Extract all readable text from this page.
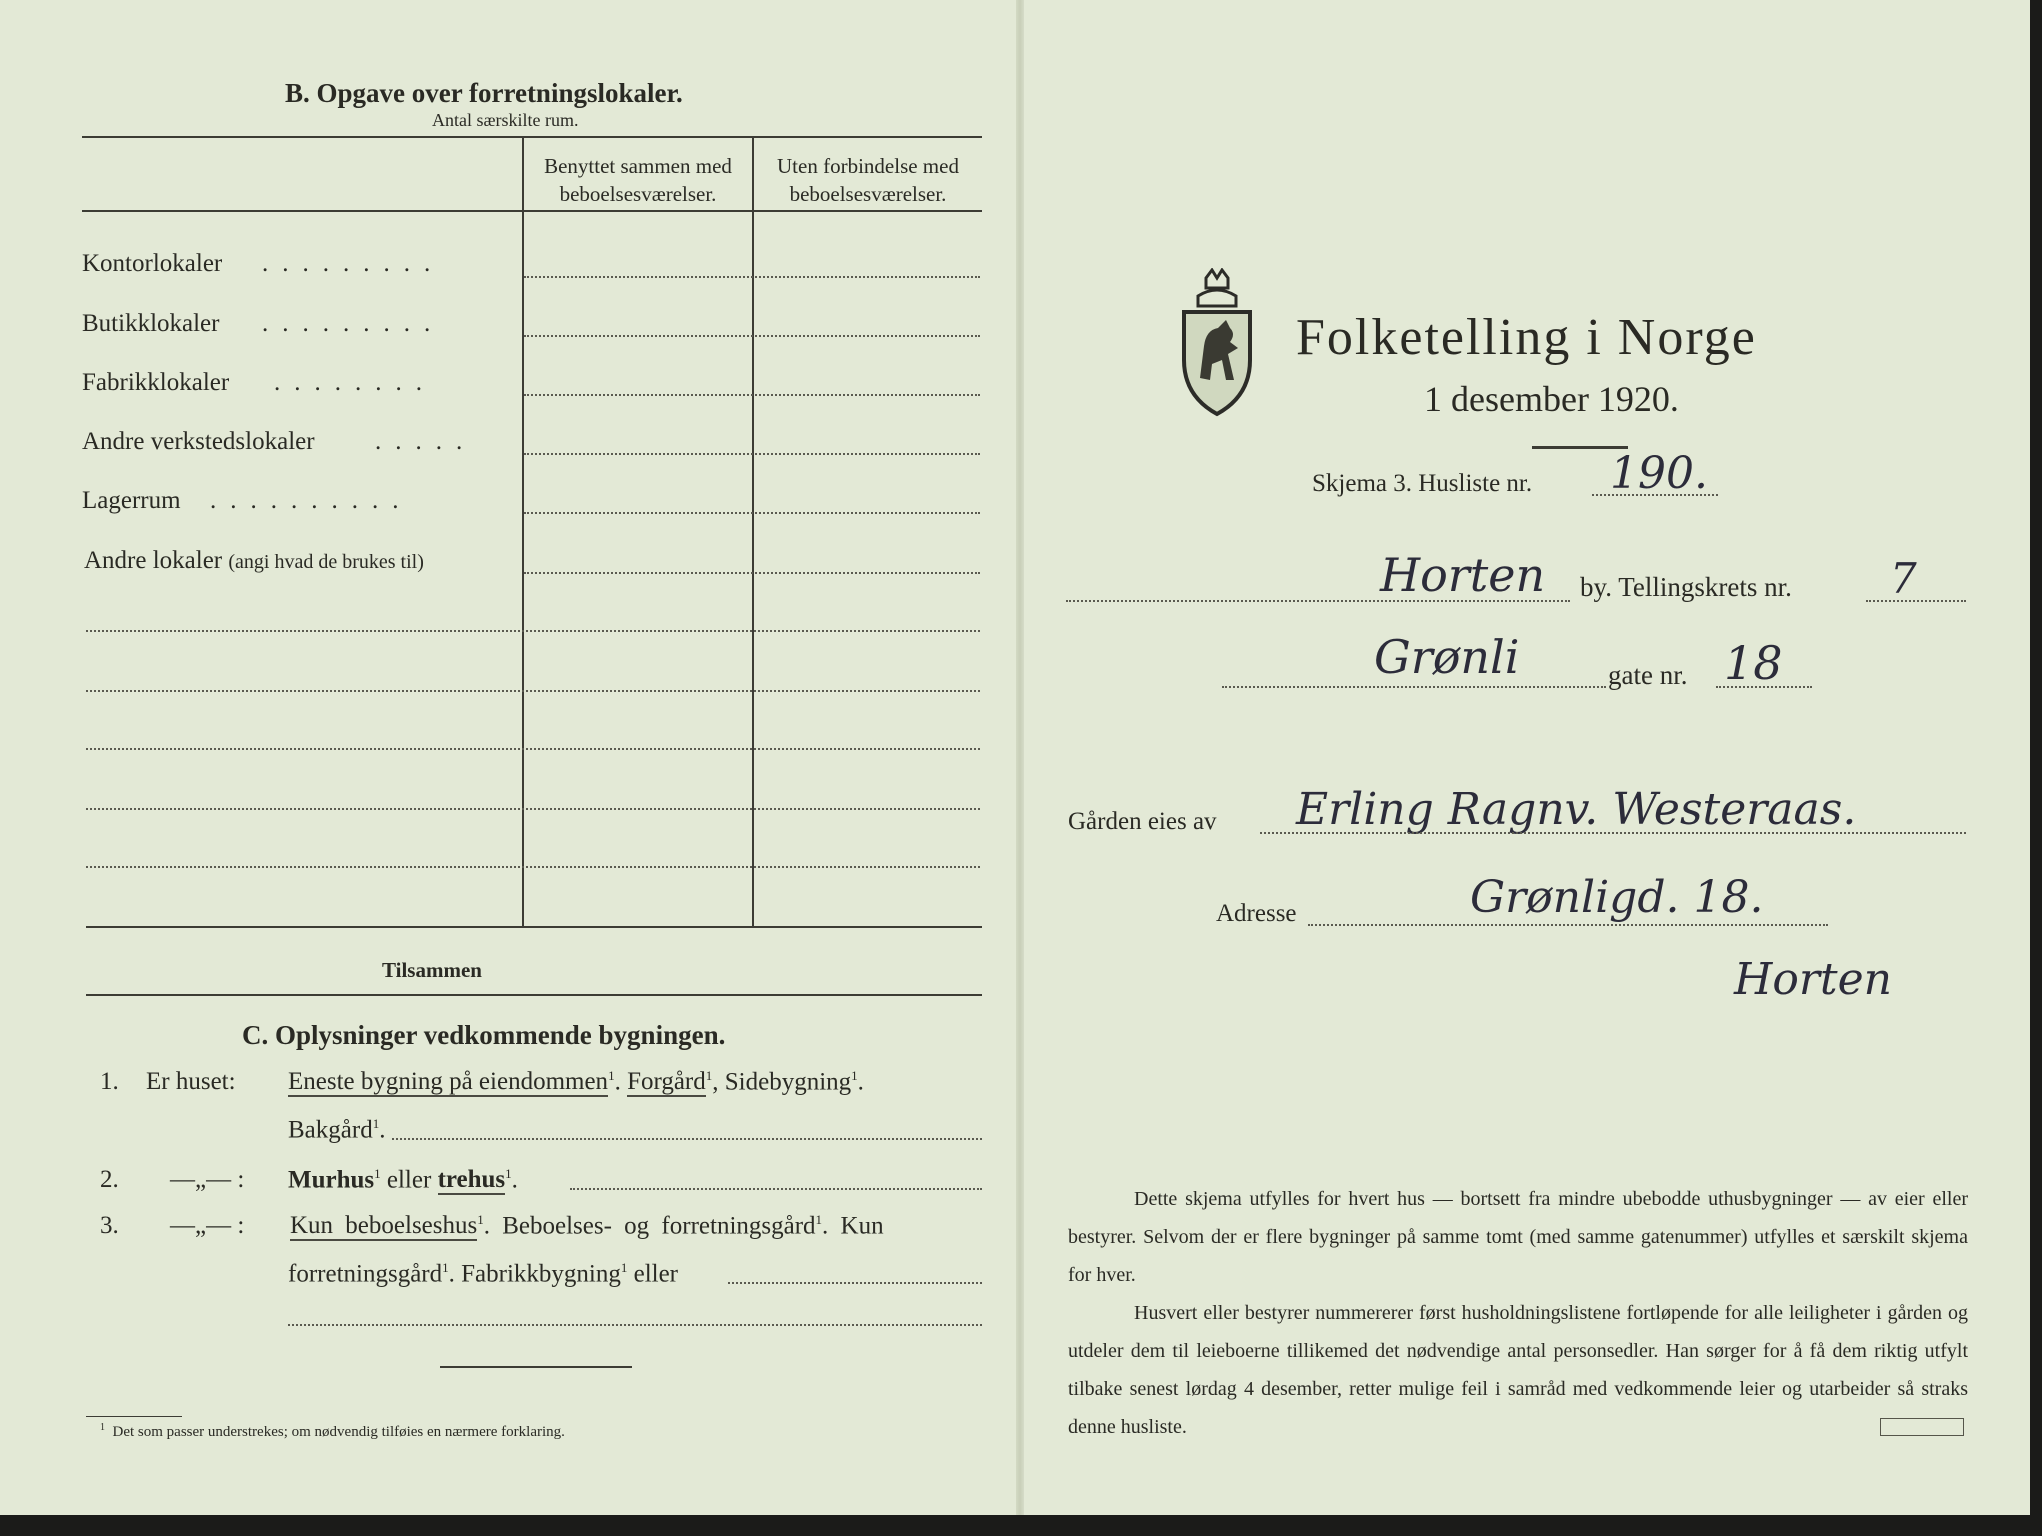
B. Opgave over forretningslokaler.
Antal særskilte rum.
Benyttet sammen med
beboelsesværelser.
Uten forbindelse med
beboelsesværelser.
Kontorlokaler
Butikklokaler
Fabrikklokaler
Andre verkstedslokaler
Lagerrum
Andre lokaler (angi hvad de brukes til)
.........
.........
........
.....
..........
Tilsammen
C. Oplysninger vedkommende bygningen.
1. Er huset: Eneste bygning på eiendommen$^1$. Forgård$^1$, Sidebygning$^1$.
Bakgård$^1$.
2. —„— : Murhus$^1$ eller trehus$^1$.
3. —„— : Kun beboelseshus$^1$. Beboelses- og forretningsgård$^1$. Kun
forretningsgård$^1$. Fabrikkbygning$^1$ eller
$^1$ Det som passer understrekes; om nødvendig tilføies en nærmere forklaring.
Folketelling i Norge
1 desember 1920.
Skjema 3. Husliste nr. 190.
Horten by. Tellingskrets nr. 7
Grønli	gate nr. 18
Gården eies av Erling Ragnv. Westeraas.
Adresse	Grønligd. 18.
Horten
Dette skjema utfylles for hvert hus — bortsett fra mindre ubebodde uthusbygninger — av eier eller bestyrer. Selvom der er flere bygninger på samme tomt (med samme gatenummer) utfylles et særskilt skjema for hver.
Husvert eller bestyrer nummererer først husholdningslistene fortløpende for alle leiligheter i gården og utdeler dem til leieboerne tillikemed det nødvendige antal personsedler. Han sørger for å få dem riktig utfylt tilbake senest lørdag 4 desember, retter mulige feil i samråd med vedkommende leier og utarbeider så straks denne husliste.
